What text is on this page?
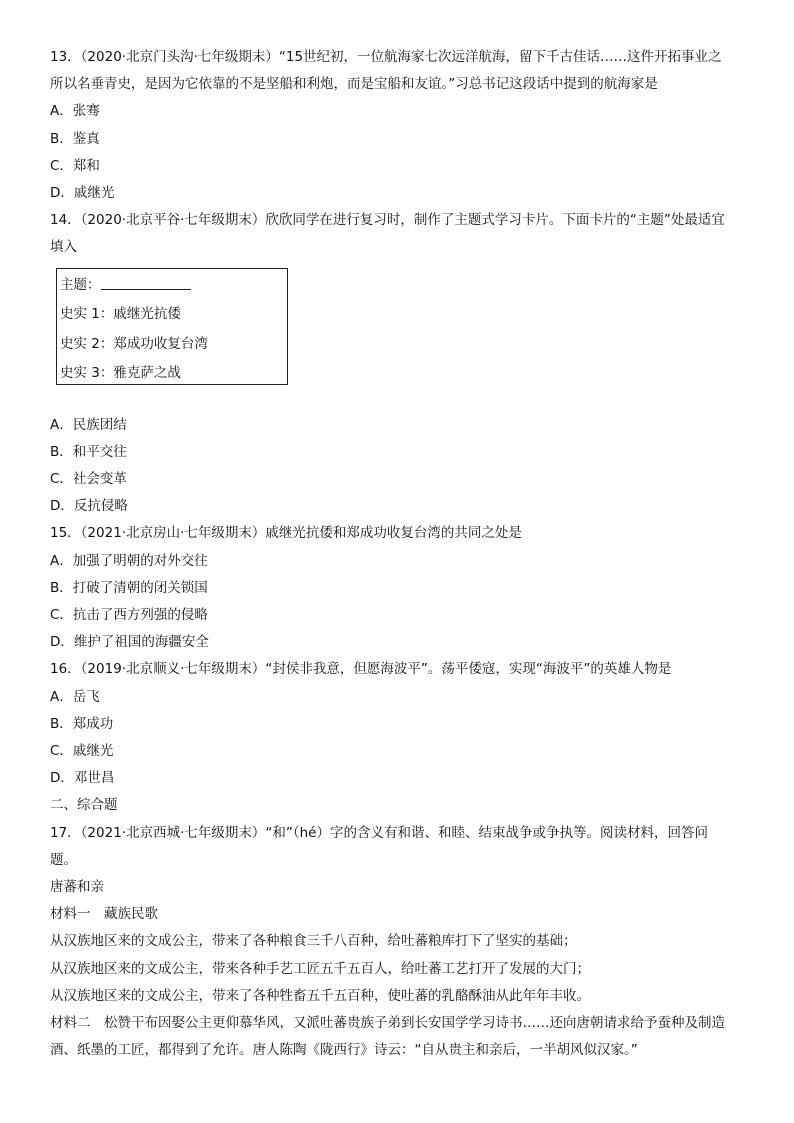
13．（2020·北京门头沟·七年级期末）“15世纪初，一位航海家七次远洋航海，留下千古佳话……这件开拓事业之
所以名垂青史，是因为它依靠的不是坚船和利炮，而是宝船和友谊。”习总书记这段话中提到的航海家是
A．张骞
B．鉴真
C．郑和
D．戚继光
14．（2020·北京平谷·七年级期末）欣欣同学在进行复习时，制作了主题式学习卡片。下面卡片的“主题”处最适宜
填入
主题：
史实 1：戚继光抗倭
史实 2：郑成功收复台湾
史实 3：雅克萨之战
A．民族团结
B．和平交往
C．社会变革
D．反抗侵略
15．（2021·北京房山·七年级期末）戚继光抗倭和郑成功收复台湾的共同之处是
A．加强了明朝的对外交往
B．打破了清朝的闭关锁国
C．抗击了西方列强的侵略
D．维护了祖国的海疆安全
16．（2019·北京顺义·七年级期末）“封侯非我意，但愿海波平”。荡平倭寇，实现“海波平”的英雄人物是
A．岳飞
B．郑成功
C．戚继光
D．邓世昌
二、综合题
17．（2021·北京西城·七年级期末）“和”（hé）字的含义有和谐、和睦、结束战争或争执等。阅读材料，回答问
题。
唐蕃和亲
材料一　藏族民歌
从汉族地区来的文成公主，带来了各种粮食三千八百种，给吐蕃粮库打下了坚实的基础；
从汉族地区来的文成公主，带来各种手艺工匠五千五百人，给吐蕃工艺打开了发展的大门；
从汉族地区来的文成公主，带来了各种牲畜五千五百种，使吐蕃的乳酪酥油从此年年丰收。
材料二　松赞干布因娶公主更仰慕华风，又派吐蕃贵族子弟到长安国学学习诗书……还向唐朝请求给予蚕种及制造
酒、纸墨的工匠，都得到了允许。唐人陈陶《陇西行》诗云：“自从贵主和亲后，一半胡风似汉家。”
